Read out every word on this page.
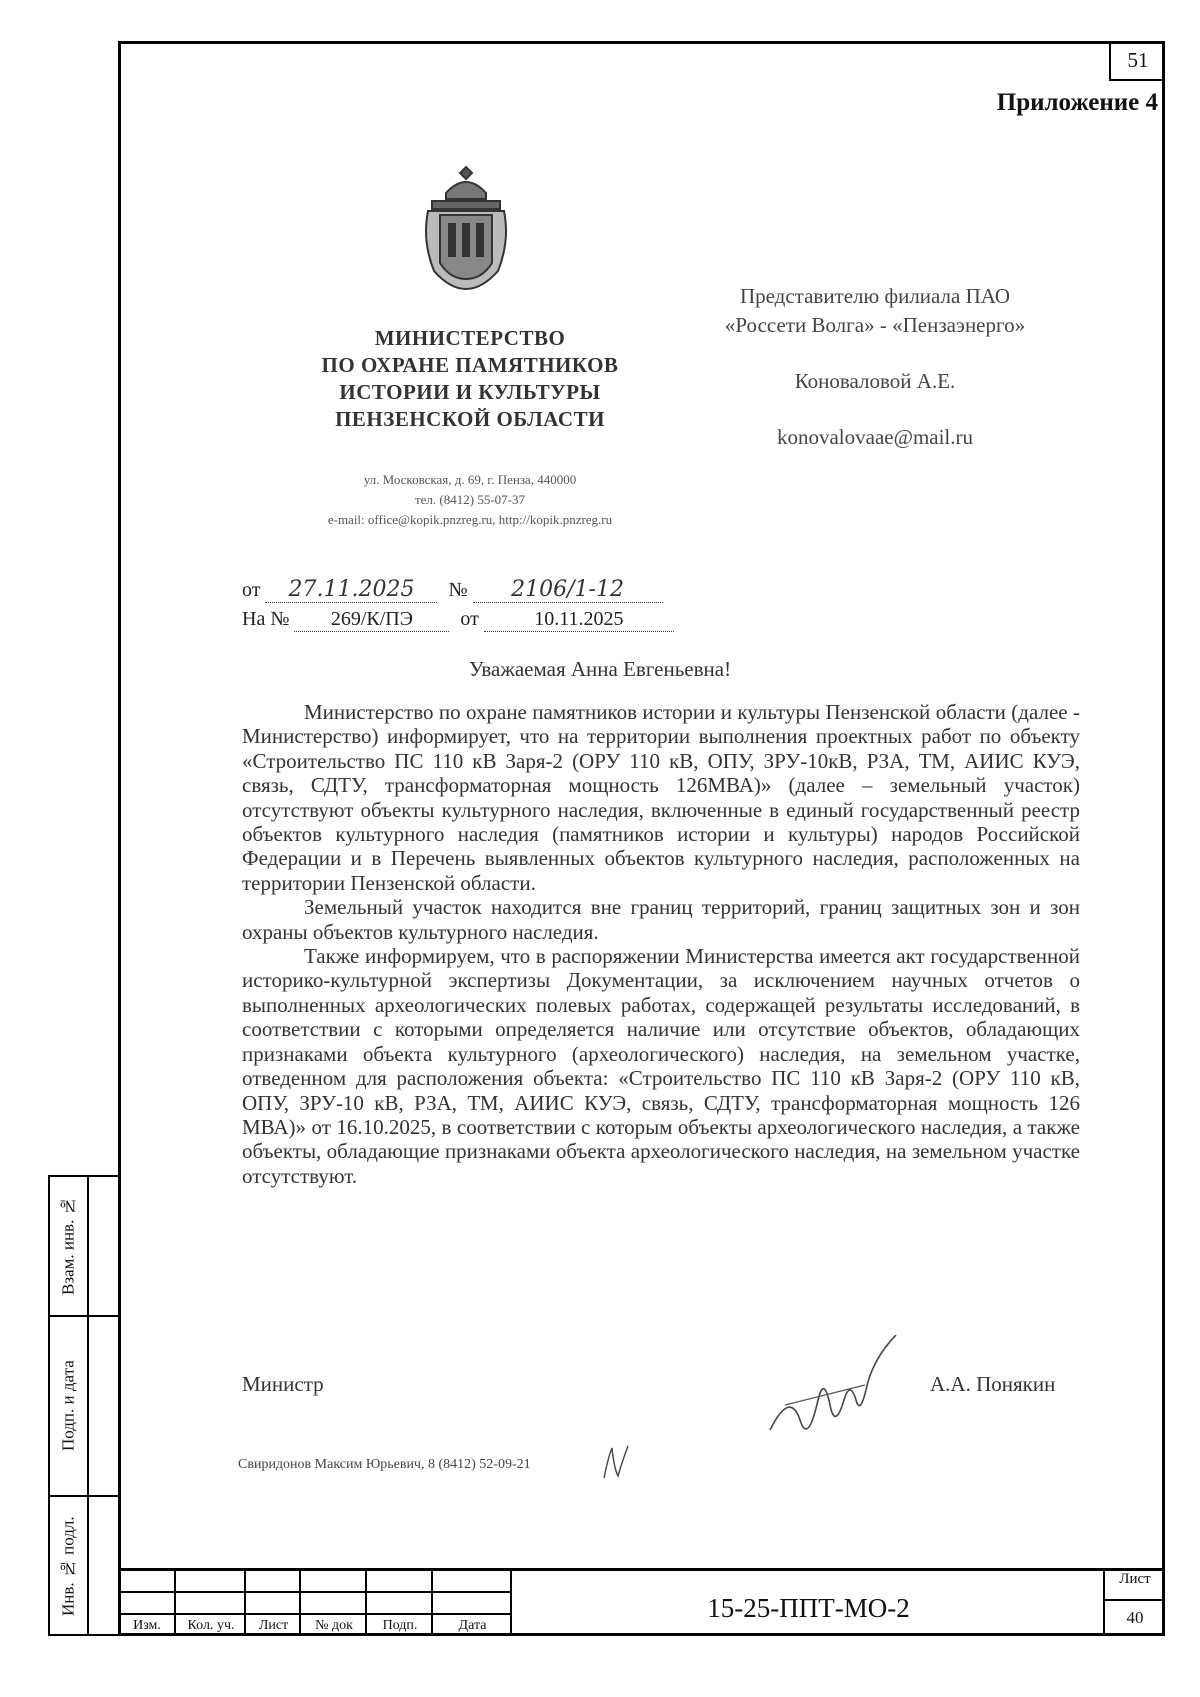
51
Приложение 4
МИНИСТЕРСТВО
ПО ОХРАНЕ ПАМЯТНИКОВ
ИСТОРИИ И КУЛЬТУРЫ
ПЕНЗЕНСКОЙ ОБЛАСТИ
ул. Московская, д. 69, г. Пенза, 440000
тел. (8412) 55-07-37
e-mail: office@kopik.pnzreg.ru, http://kopik.pnzreg.ru
Представителю филиала ПАО
«Россети Волга» - «Пензаэнерго»
Коноваловой А.Е.
konovalovaae@mail.ru
от 27.11.2025 № 2106/1-12
На № 269/К/ПЭ от	10.11.2025
Уважаемая Анна Евгеньевна!

Министерство по охране памятников истории и культуры Пензенской области (далее - Министерство) информирует, что на территории выполнения проектных работ по объекту «Строительство ПС 110 кВ Заря-2 (ОРУ 110 кВ, ОПУ, ЗРУ-10кВ, РЗА, ТМ, АИИС КУЭ, связь, СДТУ, трансформаторная мощность 126МВА)» (далее – земельный участок) отсутствуют объекты культурного наследия, включенные в единый государственный реестр объектов культурного наследия (памятников истории и культуры) народов Российской Федерации и в Перечень выявленных объектов культурного наследия, расположенных на территории Пензенской области.

Земельный участок находится вне границ территорий, границ защитных зон и зон охраны объектов культурного наследия.

Также информируем, что в распоряжении Министерства имеется акт государственной историко-культурной экспертизы Документации, за исключением научных отчетов о выполненных археологических полевых работах, содержащей результаты исследований, в соответствии с которыми определяется наличие или отсутствие объектов, обладающих признаками объекта культурного (археологического) наследия, на земельном участке, отведенном для расположения объекта: «Строительство ПС 110 кВ Заря-2 (ОРУ 110 кВ, ОПУ, ЗРУ-10 кВ, РЗА, ТМ, АИИС КУЭ, связь, СДТУ, трансформаторная мощность 126 МВА)» от 16.10.2025, в соответствии с которым объекты археологического наследия, а также объекты, обладающие признаками объекта археологического наследия, на земельном участке отсутствуют.

Министр	А.А. Понякин
Свиридонов Максим Юрьевич, 8 (8412) 52-09-21
Взам. инв. №
Подп. и дата
Инв. № подл.
Изм.	Кол. уч.	Лист	№ док	Подп.	Дата
15-25-ППТ-МО-2
Лист
40
